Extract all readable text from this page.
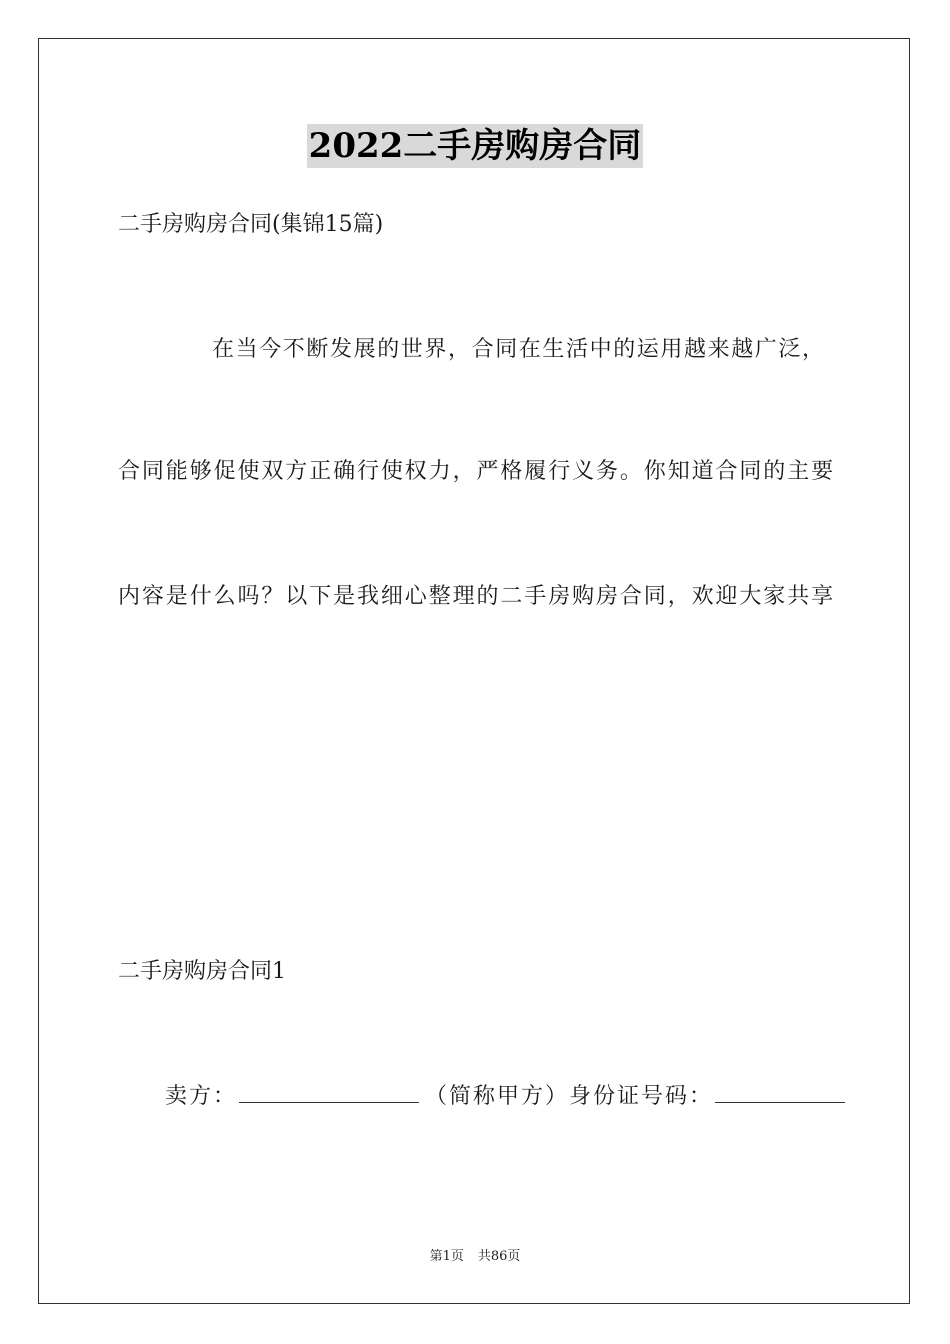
2022二手房购房合同
二手房购房合同(集锦15篇)
在当今不断发展的世界，合同在生活中的运用越来越广泛，
合同能够促使双方正确行使权力，严格履行义务。你知道合同的主要
内容是什么吗？以下是我细心整理的二手房购房合同，欢迎大家共享
二手房购房合同1
卖方：	（简称甲方）身份证号码：
第1页 共86页
